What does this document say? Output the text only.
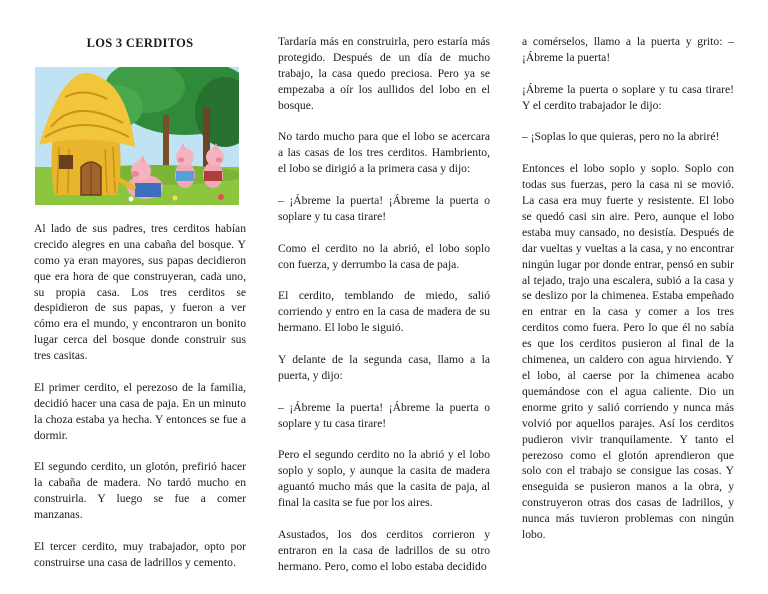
LOS 3 CERDITOS

Al lado de sus padres, tres cerditos habían crecido alegres en una cabaña del bosque. Y como ya eran mayores, sus papas decidieron que era hora de que construyeran, cada uno, su propia casa. Los tres cerditos se despidieron de sus papas, y fueron a ver cómo era el mundo, y encontraron un bonito lugar cerca del bosque donde construir sus tres casitas.

El primer cerdito, el perezoso de la familia, decidió hacer una casa de paja. En un minuto la choza estaba ya hecha. Y entonces se fue a dormir.

El segundo cerdito, un glotón, prefirió hacer la cabaña de madera. No tardó mucho en construirla. Y luego se fue a comer manzanas.

El tercer cerdito, muy trabajador, opto por construirse una casa de ladrillos y cemento.

Tardaría más en construirla, pero estaría más protegido. Después de un día de mucho trabajo, la casa quedo preciosa. Pero ya se empezaba a oír los aullidos del lobo en el bosque.

No tardo mucho para que el lobo se acercara a las casas de los tres cerditos. Hambriento, el lobo se dirigió a la primera casa y dijo:

– ¡Ábreme la puerta! ¡Ábreme la puerta o soplare y tu casa tirare!

Como el cerdito no la abrió, el lobo soplo con fuerza, y derrumbo la casa de paja.

El cerdito, temblando de miedo, salió corriendo y entro en la casa de madera de su hermano. El lobo le siguió.

Y delante de la segunda casa, llamo a la puerta, y dijo:

– ¡Ábreme la puerta! ¡Ábreme la puerta o soplare y tu casa tirare!

Pero el segundo cerdito no la abrió y el lobo soplo y soplo, y aunque la casita de madera aguantó mucho más que la casita de paja, al final la casita se fue por los aires.

Asustados, los dos cerditos corrieron y entraron en la casa de ladrillos de su otro hermano. Pero, como el lobo estaba decidido

a comérselos, llamo a la puerta y grito: – ¡Ábreme la puerta!

¡Ábreme la puerta o soplare y tu casa tirare! Y el cerdito trabajador le dijo:

– ¡Soplas lo que quieras, pero no la abriré!

Entonces el lobo soplo y soplo. Soplo con todas sus fuerzas, pero la casa ni se movió. La casa era muy fuerte y resistente. El lobo se quedó casi sin aire. Pero, aunque el lobo estaba muy cansado, no desistía. Después de dar vueltas y vueltas a la casa, y no encontrar ningún lugar por donde entrar, pensó en subir al tejado, trajo una escalera, subió a la casa y se deslizo por la chimenea. Estaba empeñado en entrar en la casa y comer a los tres cerditos como fuera. Pero lo que él no sabía es que los cerditos pusieron al final de la chimenea, un caldero con agua hirviendo. Y el lobo, al caerse por la chimenea acabo quemándose con el agua caliente. Dio un enorme grito y salió corriendo y nunca más volvió por aquellos parajes. Así los cerditos pudieron vivir tranquilamente. Y tanto el perezoso como el glotón aprendieron que solo con el trabajo se consigue las cosas. Y enseguida se pusieron manos a la obra, y construyeron otras dos casas de ladrillos, y nunca más tuvieron problemas con ningún lobo.
